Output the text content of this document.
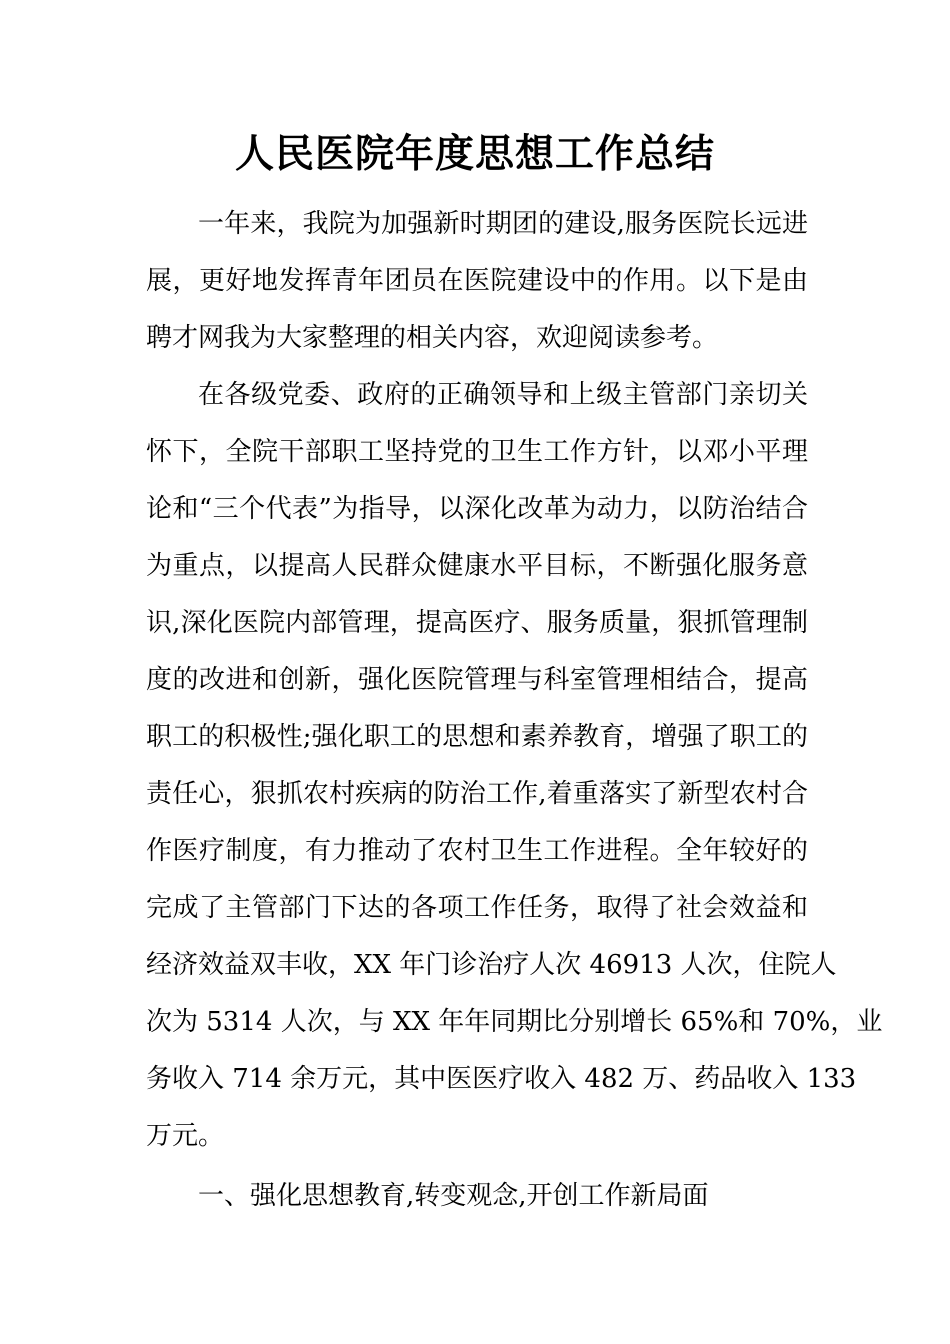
人民医院年度思想工作总结
一年来，我院为加强新时期团的建设,服务医院长远进
展，更好地发挥青年团员在医院建设中的作用。以下是由
聘才网我为大家整理的相关内容，欢迎阅读参考。
在各级党委、政府的正确领导和上级主管部门亲切关
怀下，全院干部职工坚持党的卫生工作方针，以邓小平理
论和“三个代表”为指导，以深化改革为动力，以防治结合
为重点，以提高人民群众健康水平目标，不断强化服务意
识,深化医院内部管理，提高医疗、服务质量，狠抓管理制
度的改进和创新，强化医院管理与科室管理相结合，提高
职工的积极性;强化职工的思想和素养教育，增强了职工的
责任心，狠抓农村疾病的防治工作,着重落实了新型农村合
作医疗制度，有力推动了农村卫生工作进程。全年较好的
完成了主管部门下达的各项工作任务，取得了社会效益和
经济效益双丰收，XX 年门诊治疗人次 46913 人次，住院人
次为 5314 人次，与 XX 年年同期比分别增长 65%和 70%，业
务收入 714 余万元，其中医医疗收入 482 万、药品收入 133
万元。
一、强化思想教育,转变观念,开创工作新局面
